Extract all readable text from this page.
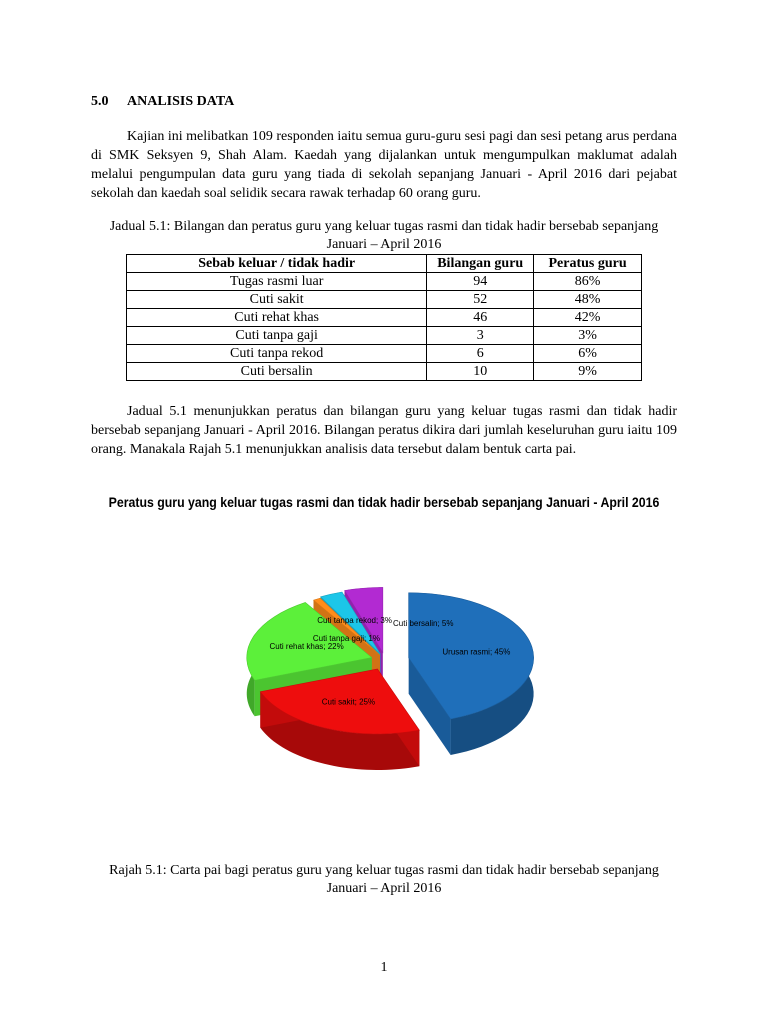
5.0 ANALISIS DATA

Kajian ini melibatkan 109 responden iaitu semua guru-guru sesi pagi dan sesi petang arus perdana di SMK Seksyen 9, Shah Alam. Kaedah yang dijalankan untuk mengumpulkan maklumat adalah melalui pengumpulan data guru yang tiada di sekolah sepanjang Januari - April 2016 dari pejabat sekolah dan kaedah soal selidik secara rawak terhadap 60 orang guru.

Jadual 5.1: Bilangan dan peratus guru yang keluar tugas rasmi dan tidak hadir bersebab sepanjang Januari – April 2016

Sebab keluar / tidak hadir	Bilangan guru	Peratus guru
Tugas rasmi luar	94	86%
Cuti sakit	52	48%
Cuti rehat khas	46	42%
Cuti tanpa gaji	3	3%
Cuti tanpa rekod	6	6%
Cuti bersalin	10	9%

Jadual 5.1 menunjukkan peratus dan bilangan guru yang keluar tugas rasmi dan tidak hadir bersebab sepanjang Januari - April 2016. Bilangan peratus dikira dari jumlah keseluruhan guru iaitu 109 orang. Manakala Rajah 5.1 menunjukkan analisis data tersebut dalam bentuk carta pai.

Peratus guru yang keluar tugas rasmi dan tidak hadir bersebab sepanjang Januari - April 2016
Urusan rasmi; 45%
Cuti sakit; 25%
Cuti rehat khas; 22%
Cuti tanpa gaji; 1%
Cuti tanpa rekod; 3% Cuti bersalin; 5%

Rajah 5.1: Carta pai bagi peratus guru yang keluar tugas rasmi dan tidak hadir bersebab sepanjang Januari – April 2016

1
